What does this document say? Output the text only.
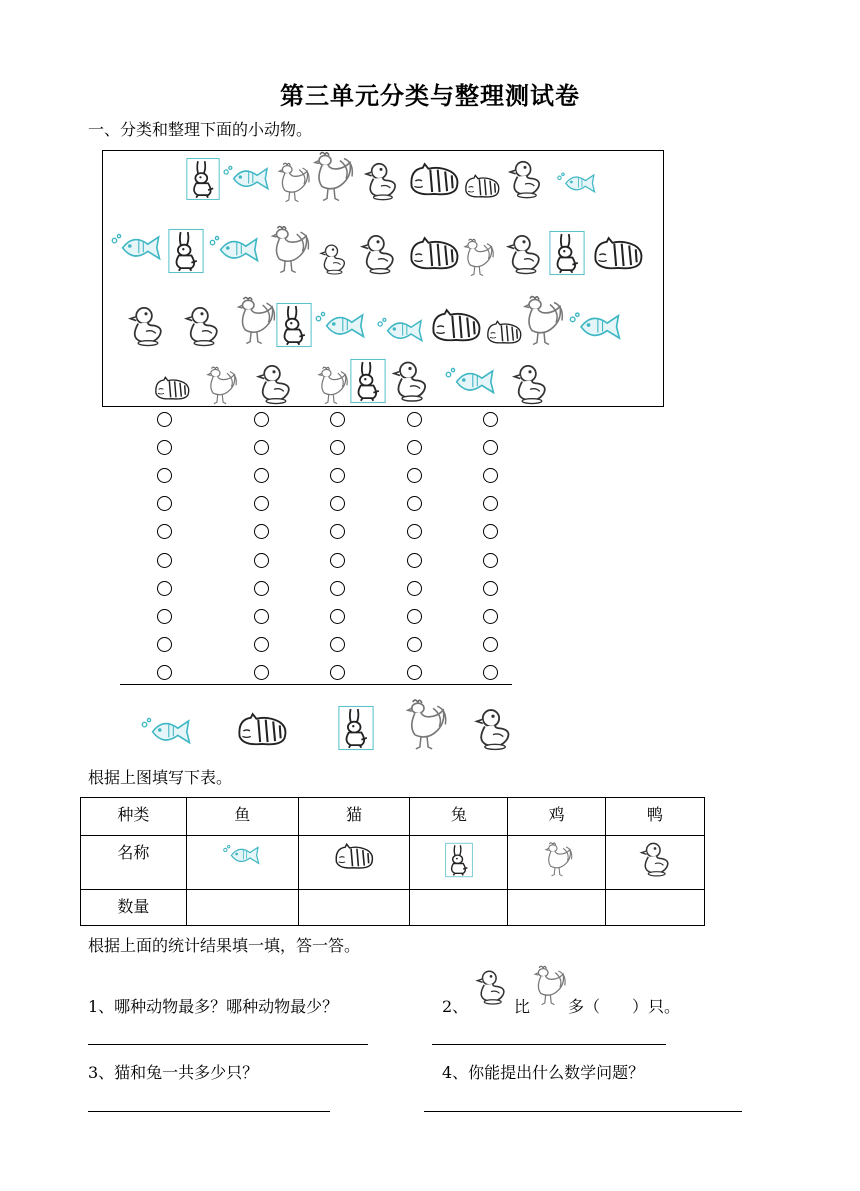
第三单元分类与整理测试卷
一、分类和整理下面的小动物。
根据上图填写下表。
种类	鱼	猫	兔	鸡	鸭
名称					
数量					
根据上面的统计结果填一填，答一答。
1、哪种动物最多？哪种动物最少？	2、	比 多（　　）只。
3、猫和兔一共多少只？	4、你能提出什么数学问题？
